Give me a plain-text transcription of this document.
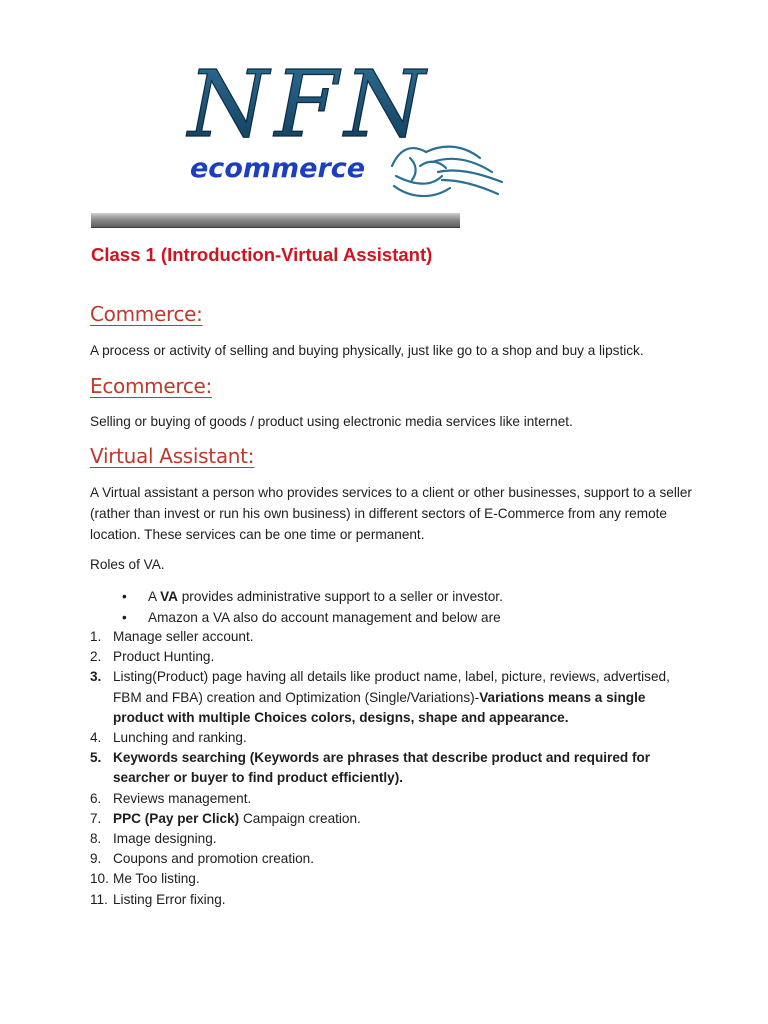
NFN
ecommerce
Class 1 (Introduction-Virtual Assistant)
Commerce:

A process or activity of selling and buying physically, just like go to a shop and buy a lipstick.

Ecommerce:

Selling or buying of goods / product using electronic media services like internet.

Virtual Assistant:

A Virtual assistant a person who provides services to a client or other businesses, support to a seller (rather than invest or run his own business) in different sectors of E-Commerce from any remote location. These services can be one time or permanent.

Roles of VA.

• A VA provides administrative support to a seller or investor.
• Amazon a VA also do account management and below are
1. Manage seller account.
2. Product Hunting.
3. Listing(Product) page having all details like product name, label, picture, reviews, advertised, FBM and FBA) creation and Optimization (Single/Variations)-Variations means a single product with multiple Choices colors, designs, shape and appearance.
4. Lunching and ranking.
5. Keywords searching (Keywords are phrases that describe product and required for searcher or buyer to find product efficiently).
6. Reviews management.
7. PPC (Pay per Click) Campaign creation.
8. Image designing.
9. Coupons and promotion creation.
10. Me Too listing.
11. Listing Error fixing.
